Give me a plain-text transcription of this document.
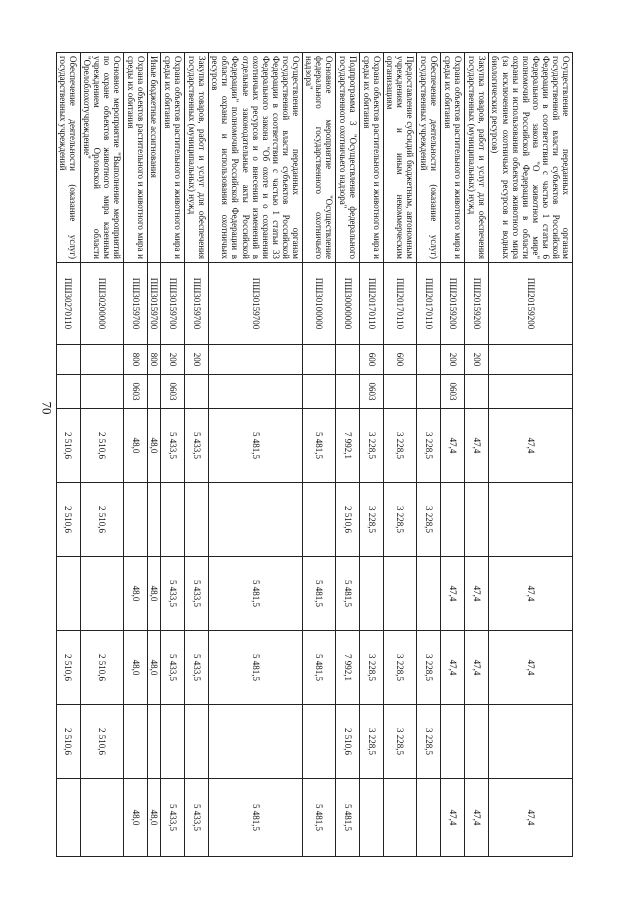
70
Осуществление переданных органам государственной власти субъектов Российской Федерации в соответствии с частью 1 статьи 6 Федерального закона "О животном мире" полномочий Российской Федерации в области охраны и использования объектов животного мира (за исключением охотничьих ресурсов и водных биологических ресурсов)	ПШ20159200			47,4		47,4	47,4		47,4
Закупка товаров, работ и услуг для обеспечения государственных (муниципальных) нужд	ПШ20159200	200		47,4		47,4	47,4		47,4
Охрана объектов растительного и животного мира и среды их обитания	ПШ20159200	200	0603	47,4		47,4	47,4		47,4
Обеспечение деятельности (оказание услуг) государственных учреждений	ПШ20170110			3 228,5	3 228,5		3 228,5	3 228,5	
Предоставление субсидий бюджетным, автономным учреждениям и иным некоммерческим организациям	ПШ20170110	600		3 228,5	3 228,5		3 228,5	3 228,5	
Охрана объектов растительного и животного мира и среды их обитания	ПШ20170110	600	0603	3 228,5	3 228,5		3 228,5	3 228,5	
Подпрограмма 3 "Осуществление федерального государственного охотничьего надзора"	ПШ30000000			7 992,1	2 510,6	5 481,5	7 992,1	2 510,6	5 481,5
Основное мероприятие "Осуществление федерального государственного охотничьего надзора"	ПШ30100000			5 481,5		5 481,5	5 481,5		5 481,5
Осуществление переданных органам государственной власти субъектов Российской Федерации в соответствии с частью 1 статьи 33 Федерального закона "Об охоте и о сохранении охотничьих ресурсов и о внесении изменений в отдельные законодательные акты Российской Федерации" полномочий Российской Федерации в области охраны и использования охотничьих ресурсов	ПШ30159700			5 481,5		5 481,5	5 481,5		5 481,5
Закупка товаров, работ и услуг для обеспечения государственных (муниципальных) нужд	ПШ30159700	200		5 433,5		5 433,5	5 433,5		5 433,5
Охрана объектов растительного и животного мира и среды их обитания	ПШ30159700	200	0603	5 433,5		5 433,5	5 433,5		5 433,5
Иные бюджетные ассигнования	ПШ30159700	800		48,0		48,0	48,0		48,0
Охрана объектов растительного и животного мира и среды их обитания	ПШ30159700	800	0603	48,0		48,0	48,0		48,0
Основное мероприятие "Выполнение мероприятий по охране объектов животного мира казенным учреждением Орловской области "Орелоблохотучреждение"	ПШ30200000			2 510,6	2 510,6		2 510,6	2 510,6	
Обеспечение деятельности (оказание услуг) государственных учреждений	ПШ30270110			2 510,6	2 510,6		2 510,6	2 510,6	
